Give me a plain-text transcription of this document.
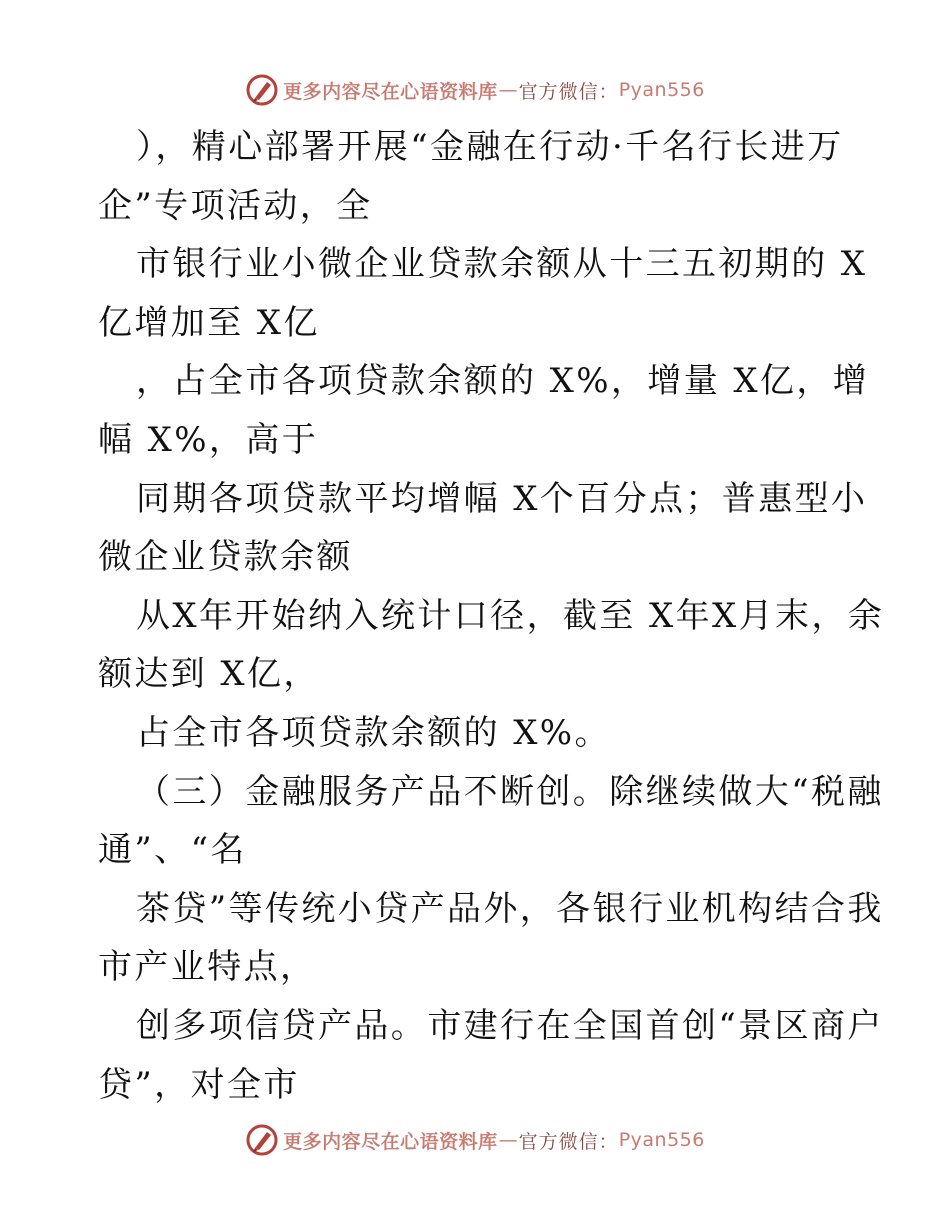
更多内容尽在心语资料库 — 官方微信： Pyan556
），精心部署开展“金融在行动·千名行长进万
企”专项活动，全
市银行业小微企业贷款余额从十三五初期的 X
亿增加至 X亿
，占全市各项贷款余额的 X%，增量 X亿，增
幅 X%，高于
同期各项贷款平均增幅 X个百分点；普惠型小
微企业贷款余额
从X年开始纳入统计口径，截至 X年X月末，余
额达到 X亿，
占全市各项贷款余额的 X%。
（三）金融服务产品不断创。除继续做大“税融
通”、“名
茶贷”等传统小贷产品外，各银行业机构结合我
市产业特点，
创多项信贷产品。市建行在全国首创“景区商户
贷”，对全市
更多内容尽在心语资料库 — 官方微信： Pyan556
